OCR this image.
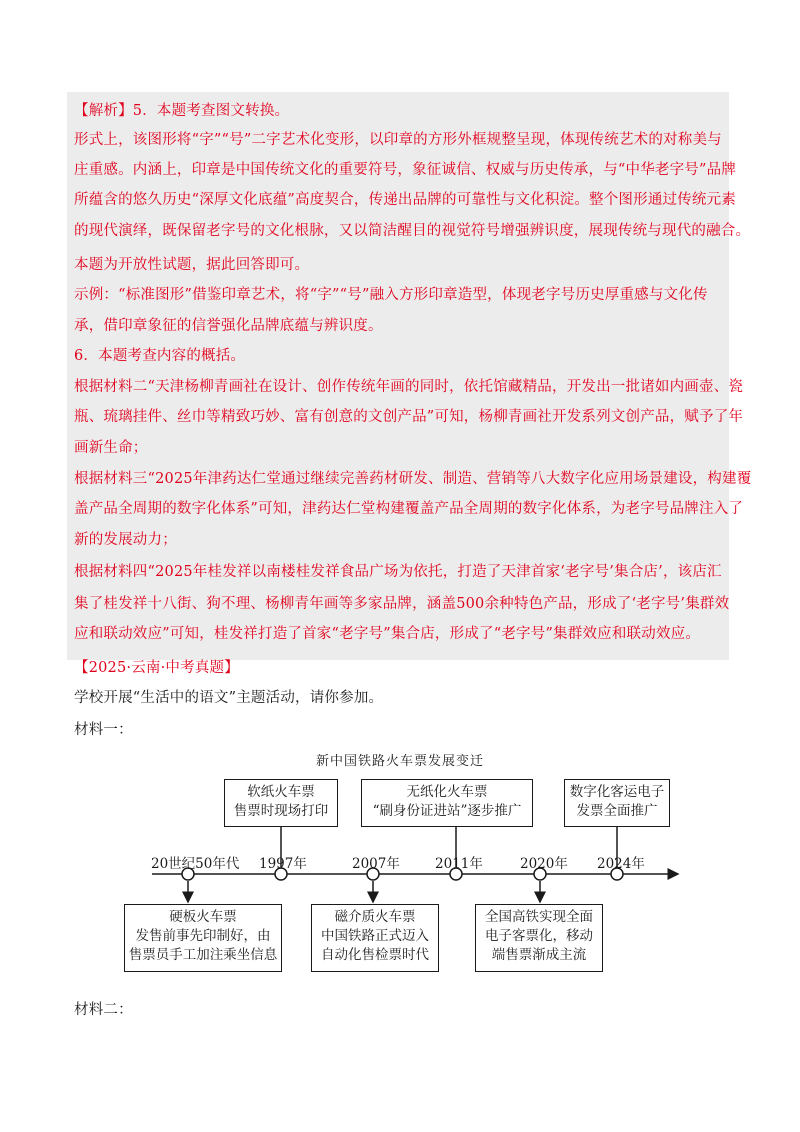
【解析】5．本题考查图文转换。
形式上，该图形将“字”“号”二字艺术化变形，以印章的方形外框规整呈现，体现传统艺术的对称美与
庄重感。内涵上，印章是中国传统文化的重要符号，象征诚信、权威与历史传承，与“中华老字号”品牌
所蕴含的悠久历史“深厚文化底蕴”高度契合，传递出品牌的可靠性与文化积淀。整个图形通过传统元素
的现代演绎，既保留老字号的文化根脉，又以简洁醒目的视觉符号增强辨识度，展现传统与现代的融合。
本题为开放性试题，据此回答即可。
示例：“标准图形”借鉴印章艺术，将“字”“号”融入方形印章造型，体现老字号历史厚重感与文化传
承，借印章象征的信誉强化品牌底蕴与辨识度。
6．本题考查内容的概括。
根据材料二“天津杨柳青画社在设计、创作传统年画的同时，依托馆藏精品，开发出一批诸如内画壶、瓷
瓶、琉璃挂件、丝巾等精致巧妙、富有创意的文创产品”可知，杨柳青画社开发系列文创产品，赋予了年
画新生命；
根据材料三“2025年津药达仁堂通过继续完善药材研发、制造、营销等八大数字化应用场景建设，构建覆
盖产品全周期的数字化体系”可知，津药达仁堂构建覆盖产品全周期的数字化体系，为老字号品牌注入了
新的发展动力；
根据材料四“2025年桂发祥以南楼桂发祥食品广场为依托，打造了天津首家‘老字号’集合店’，该店汇
集了桂发祥十八街、狗不理、杨柳青年画等多家品牌，涵盖500余种特色产品，形成了‘老字号’集群效
应和联动效应”可知，桂发祥打造了首家“老字号”集合店，形成了“老字号”集群效应和联动效应。
【2025·云南·中考真题】
学校开展“生活中的语文”主题活动，请你参加。
材料一：
新中国铁路火车票发展变迁
20世纪50年代 1997年	2007年	2011年	2020年 2024年
软纸火车票
售票时现场打印
无纸化火车票
“刷身份证进站”逐步推广
数字化客运电子
发票全面推广
硬板火车票
发售前事先印制好，由
售票员手工加注乘坐信息
磁介质火车票
中国铁路正式迈入
自动化售检票时代
全国高铁实现全面
电子客票化，移动
端售票渐成主流
材料二：
